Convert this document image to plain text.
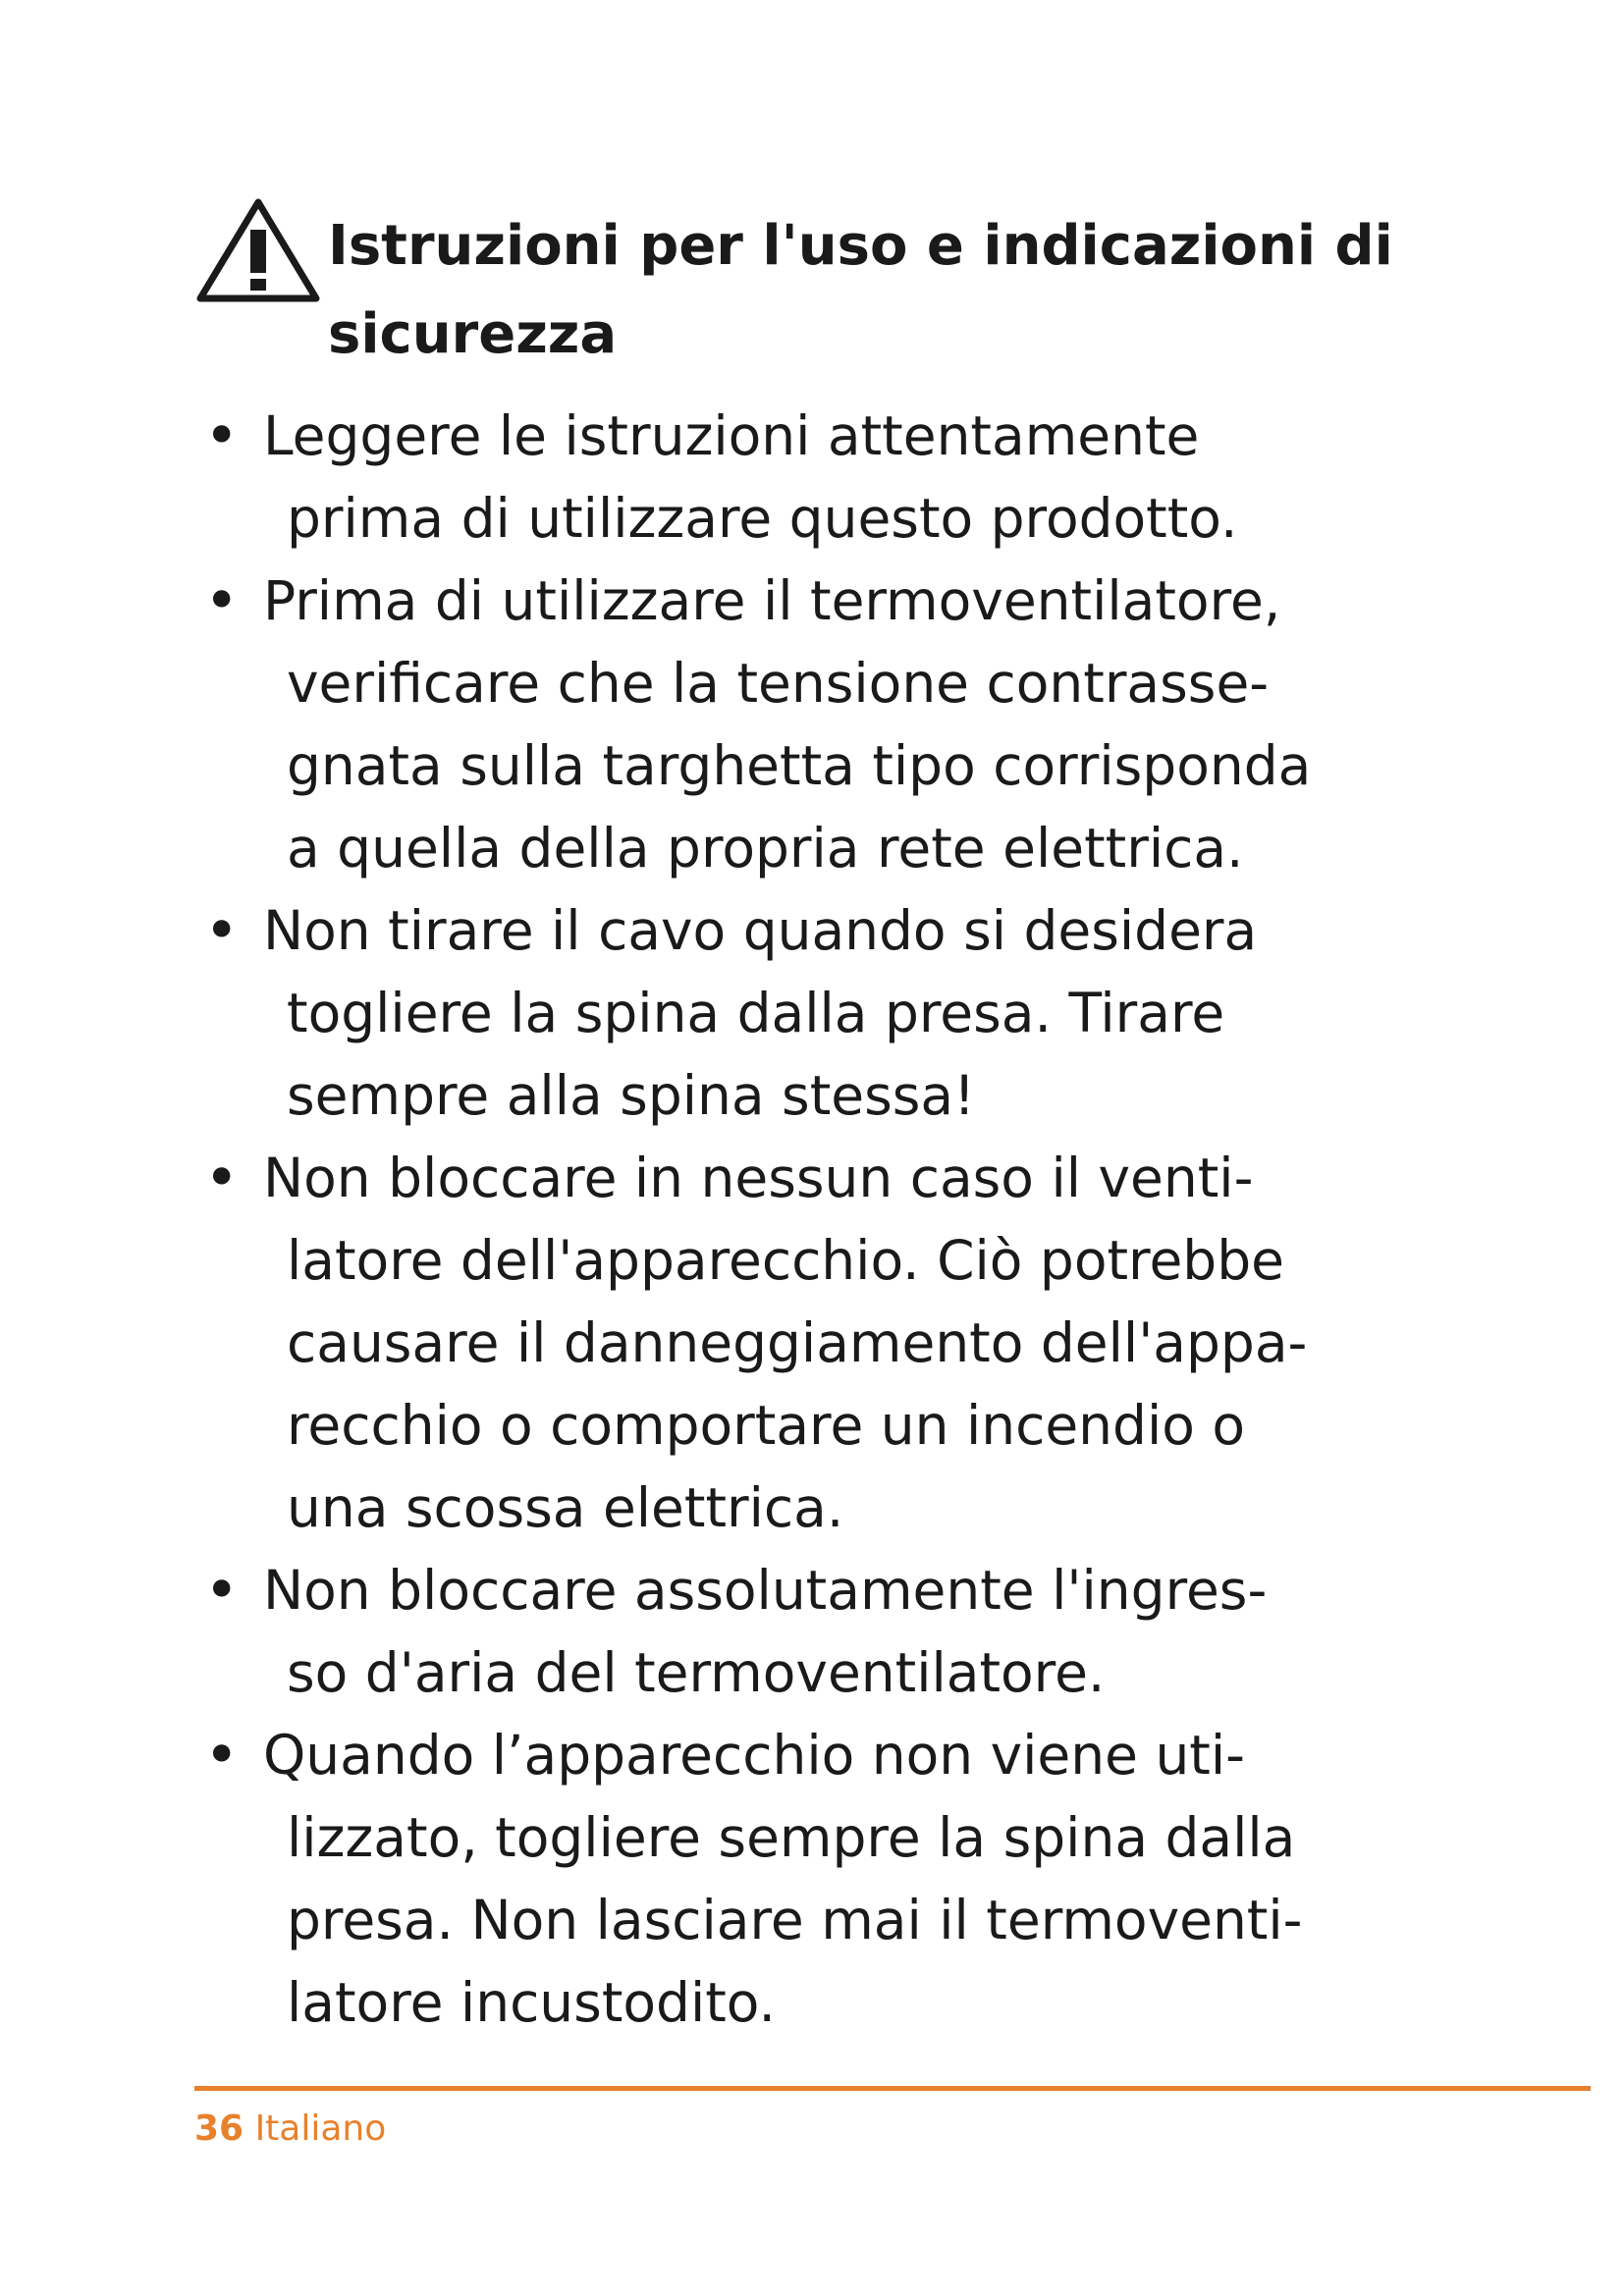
Istruzioni per l'uso e indicazioni di
sicurezza
• Leggere le istruzioni attentamente
prima di utilizzare questo prodotto.
• Prima di utilizzare il termoventilatore,
verificare che la tensione contrasse-
gnata sulla targhetta tipo corrisponda
a quella della propria rete elettrica.
• Non tirare il cavo quando si desidera
togliere la spina dalla presa. Tirare
sempre alla spina stessa!
• Non bloccare in nessun caso il venti-
latore dell'apparecchio. Ciò potrebbe
causare il danneggiamento dell'appa-
recchio o comportare un incendio o
una scossa elettrica.
• Non bloccare assolutamente l'ingres-
so d'aria del termoventilatore.
• Quando l’apparecchio non viene uti-
lizzato, togliere sempre la spina dalla
presa. Non lasciare mai il termoventi-
latore incustodito.
36 Italiano
